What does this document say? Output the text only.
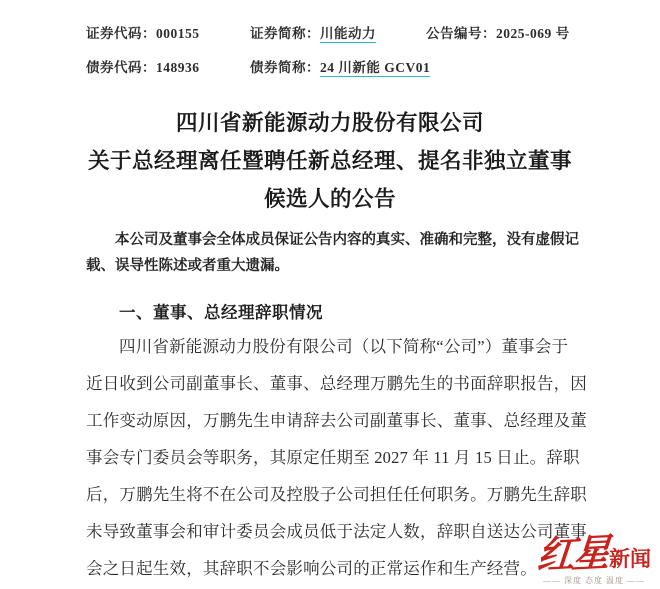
证券代码：000155	证券简称：川能动力	公告编号：2025-069 号
债券代码：148936	债券简称：24 川新能 GCV01
四川省新能源动力股份有限公司
关于总经理离任暨聘任新总经理、提名非独立董事
候选人的公告
本公司及董事会全体成员保证公告内容的真实、准确和完整，没有虚假记
载、误导性陈述或者重大遗漏。
一、董事、总经理辞职情况
四川省新能源动力股份有限公司（以下简称“公司”）董事会于
近日收到公司副董事长、董事、总经理万鹏先生的书面辞职报告，因
工作变动原因，万鹏先生申请辞去公司副董事长、董事、总经理及董
事会专门委员会等职务，其原定任期至 2027 年 11 月 15 日止。辞职
后，万鹏先生将不在公司及控股子公司担任任何职务。万鹏先生辞职
未导致董事会和审计委员会成员低于法定人数，辞职自送达公司董事
会之日起生效，其辞职不会影响公司的正常运作和生产经营。
红星 新闻
—— 深度 态度 温度 ——
